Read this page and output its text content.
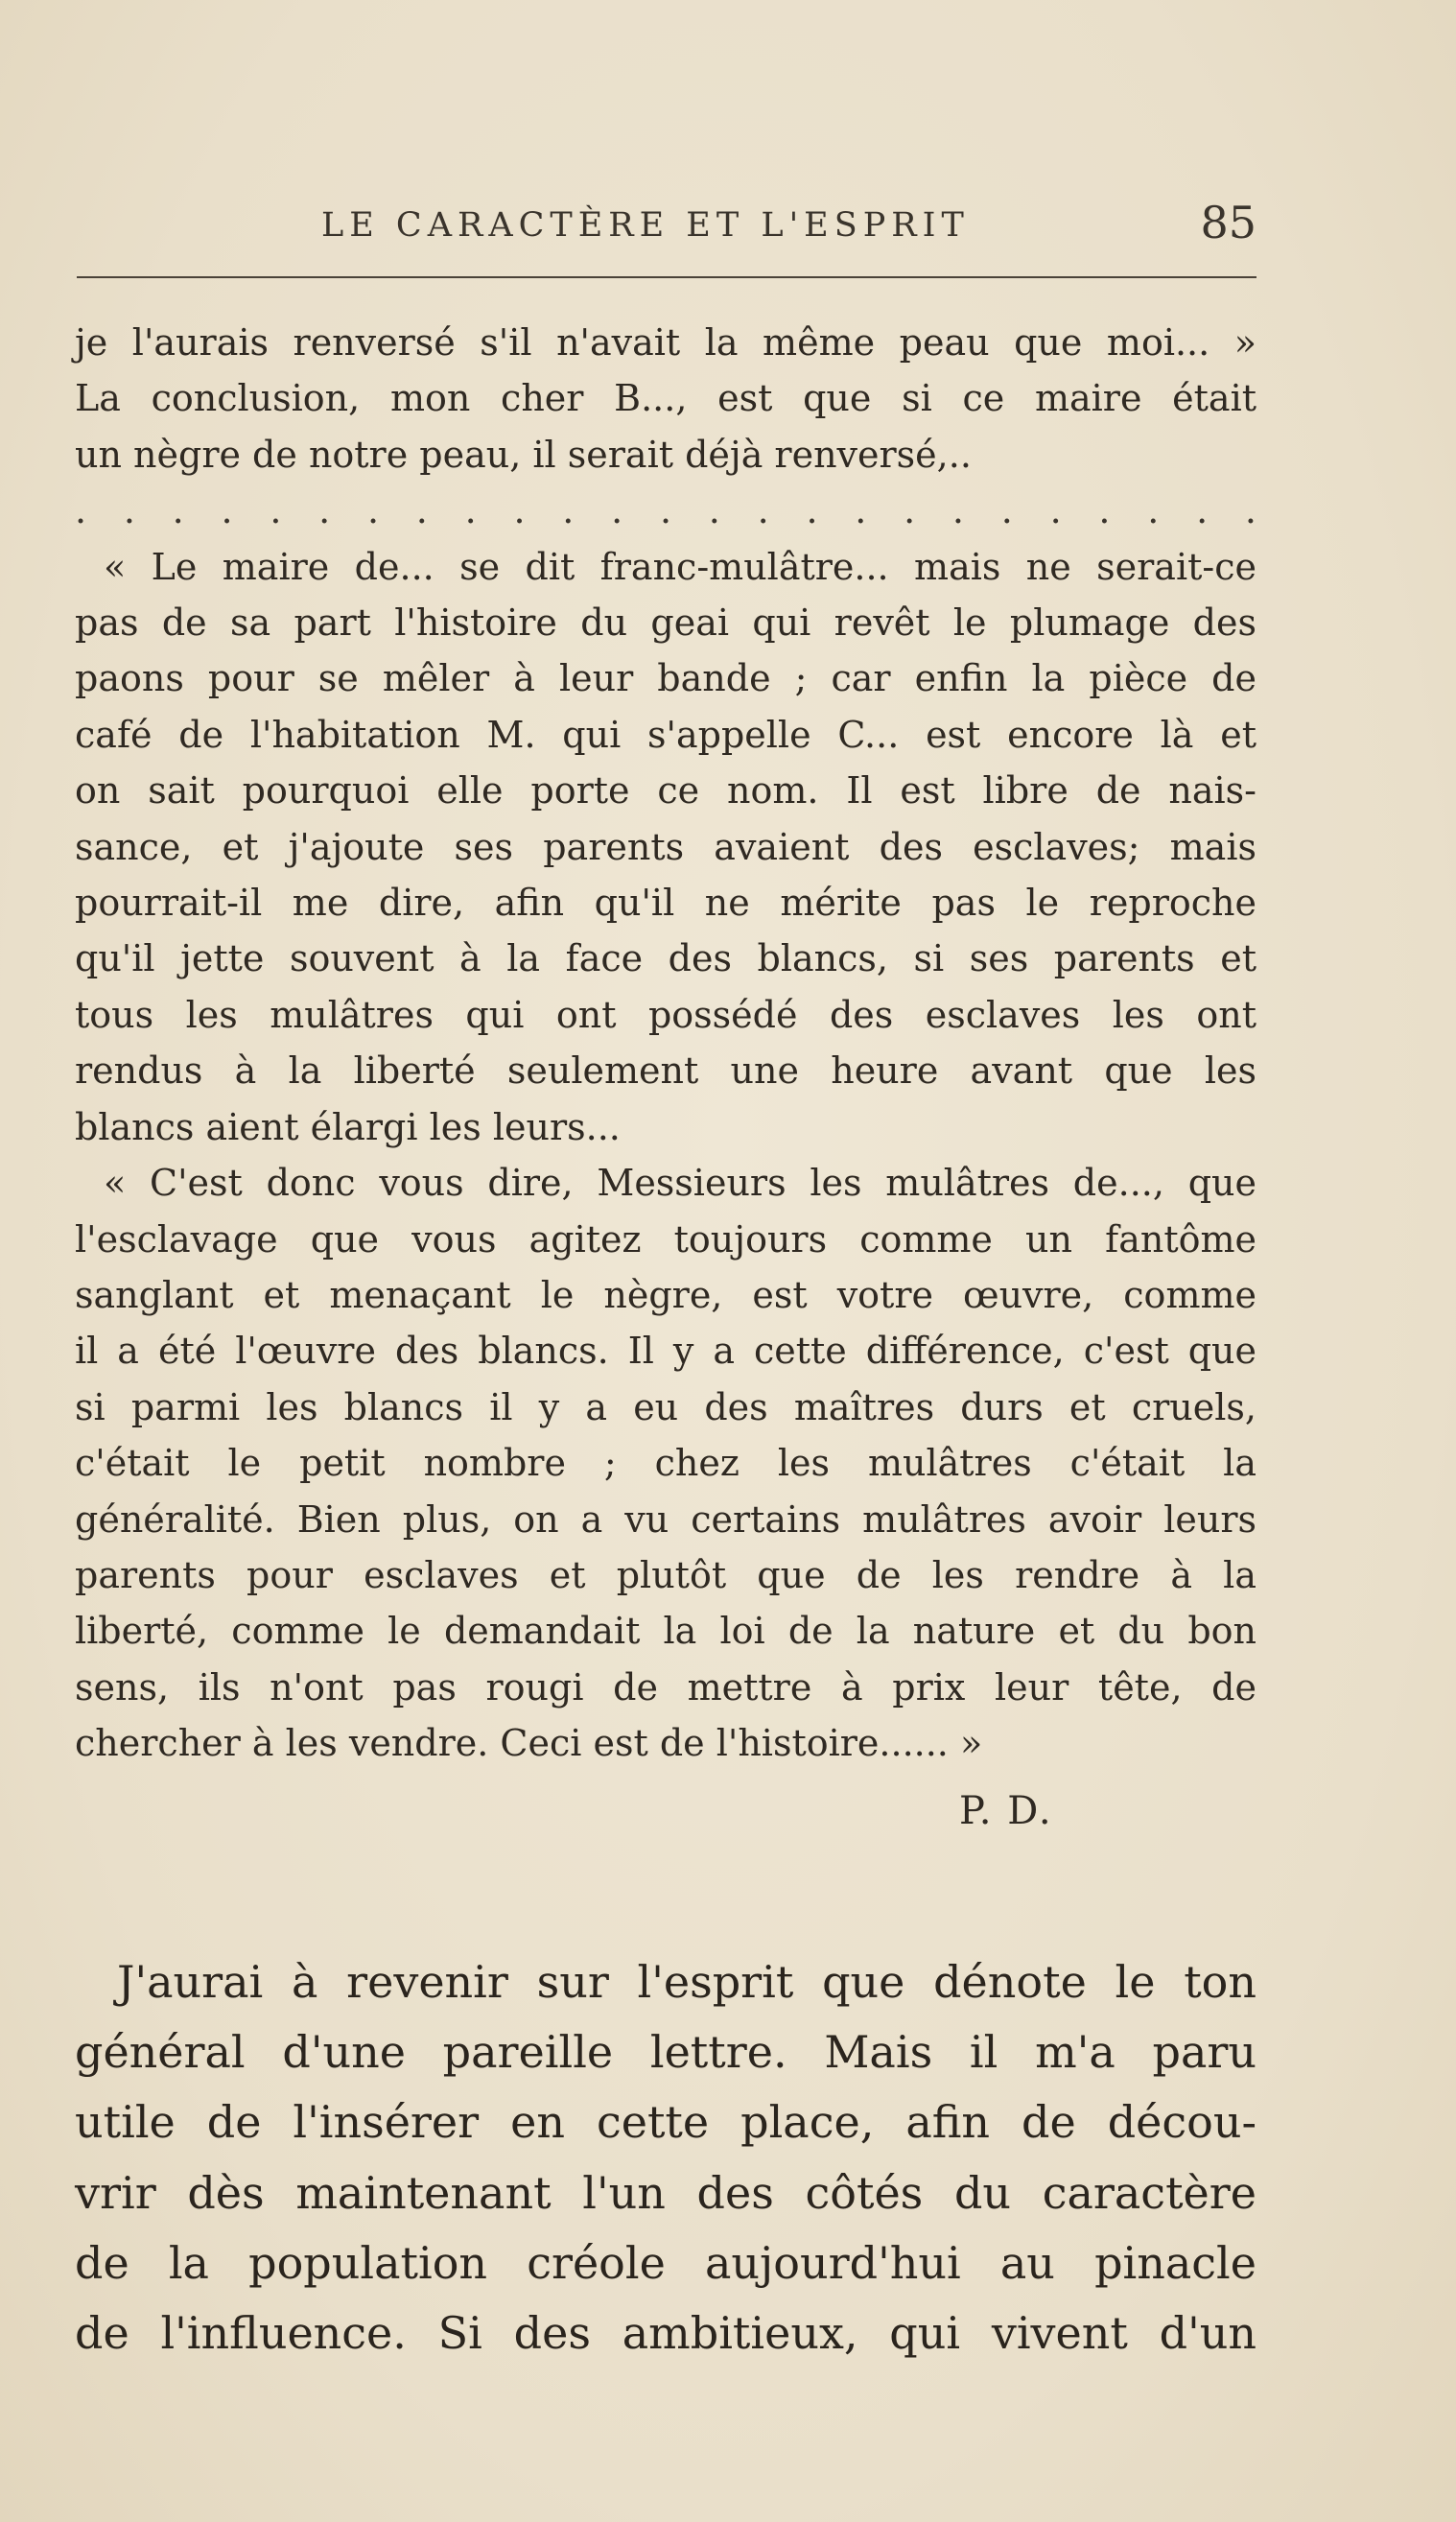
LE CARACTÈRE ET L'ESPRIT	85

je l'aurais renversé s'il n'avait la même peau que moi... »

La conclusion, mon cher B..., est que si ce maire était

un nègre de notre peau, il serait déjà renversé,..

. . . . . . . . . . . . . . . . . . . . . . . . .

« Le maire de... se dit franc-mulâtre... mais ne serait-ce

pas de sa part l'histoire du geai qui revêt le plumage des

paons pour se mêler à leur bande ; car enfin la pièce de

café de l'habitation M. qui s'appelle C... est encore là et

on sait pourquoi elle porte ce nom. Il est libre de nais-

sance, et j'ajoute ses parents avaient des esclaves; mais

pourrait-il me dire, afin qu'il ne mérite pas le reproche

qu'il jette souvent à la face des blancs, si ses parents et

tous les mulâtres qui ont possédé des esclaves les ont

rendus à la liberté seulement une heure avant que les

blancs aient élargi les leurs...

« C'est donc vous dire, Messieurs les mulâtres de..., que

l'esclavage que vous agitez toujours comme un fantôme

sanglant et menaçant le nègre, est votre œuvre, comme

il a été l'œuvre des blancs. Il y a cette différence, c'est que

si parmi les blancs il y a eu des maîtres durs et cruels,

c'était le petit nombre ; chez les mulâtres c'était la

généralité. Bien plus, on a vu certains mulâtres avoir leurs

parents pour esclaves et plutôt que de les rendre à la

liberté, comme le demandait la loi de la nature et du bon

sens, ils n'ont pas rougi de mettre à prix leur tête, de

chercher à les vendre. Ceci est de l'histoire...... »

P. D.

J'aurai à revenir sur l'esprit que dénote le ton

général d'une pareille lettre. Mais il m'a paru

utile de l'insérer en cette place, afin de décou-

vrir dès maintenant l'un des côtés du caractère

de la population créole aujourd'hui au pinacle

de l'influence. Si des ambitieux, qui vivent d'un
